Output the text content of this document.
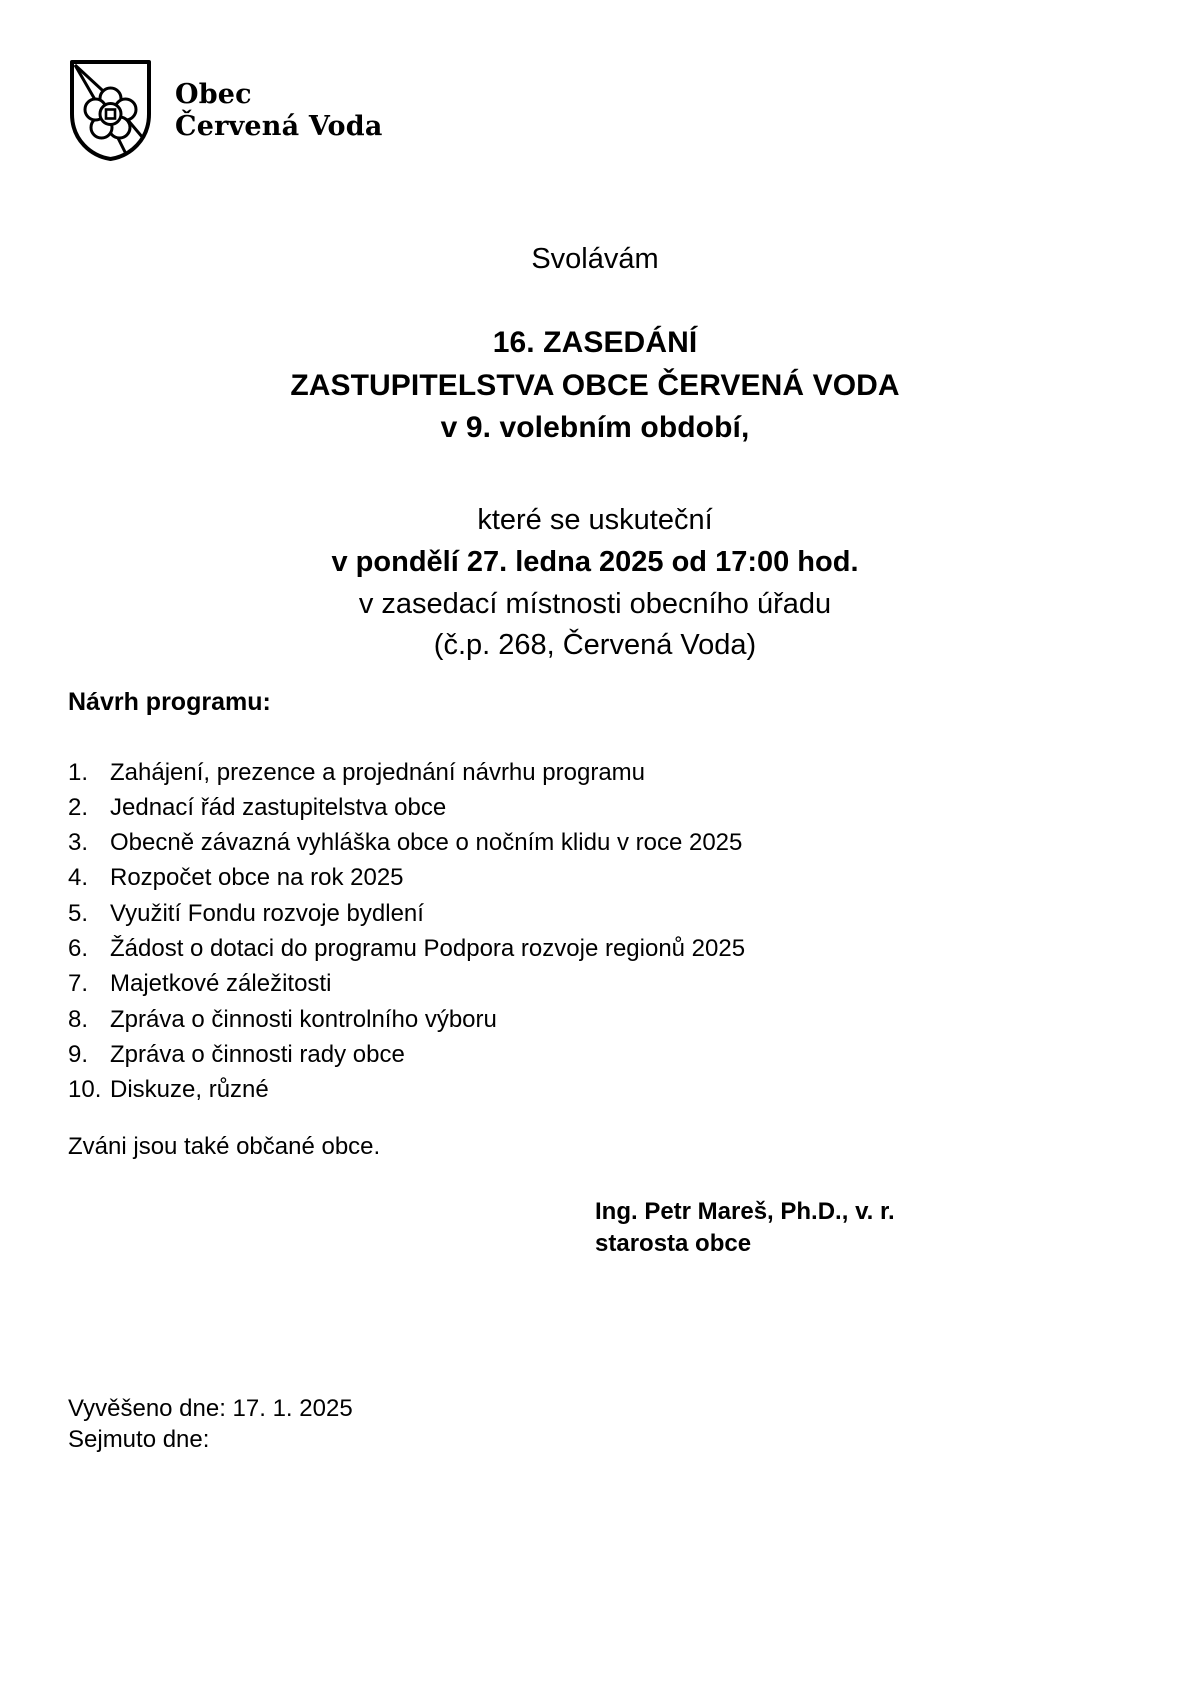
Obec
Červená Voda
Svolávám
16. ZASEDÁNÍ
ZASTUPITELSTVA OBCE ČERVENÁ VODA
v 9. volebním období,
které se uskuteční
v pondělí 27. ledna 2025 od 17:00 hod.
v zasedací místnosti obecního úřadu
(č.p. 268, Červená Voda)
Návrh programu:
1. Zahájení, prezence a projednání návrhu programu
2. Jednací řád zastupitelstva obce
3. Obecně závazná vyhláška obce o nočním klidu v roce 2025
4. Rozpočet obce na rok 2025
5. Využití Fondu rozvoje bydlení
6. Žádost o dotaci do programu Podpora rozvoje regionů 2025
7. Majetkové záležitosti
8. Zpráva o činnosti kontrolního výboru
9. Zpráva o činnosti rady obce
10. Diskuze, různé
Zváni jsou také občané obce.
Ing. Petr Mareš, Ph.D., v. r.
starosta obce
Vyvěšeno dne: 17. 1. 2025
Sejmuto dne:
